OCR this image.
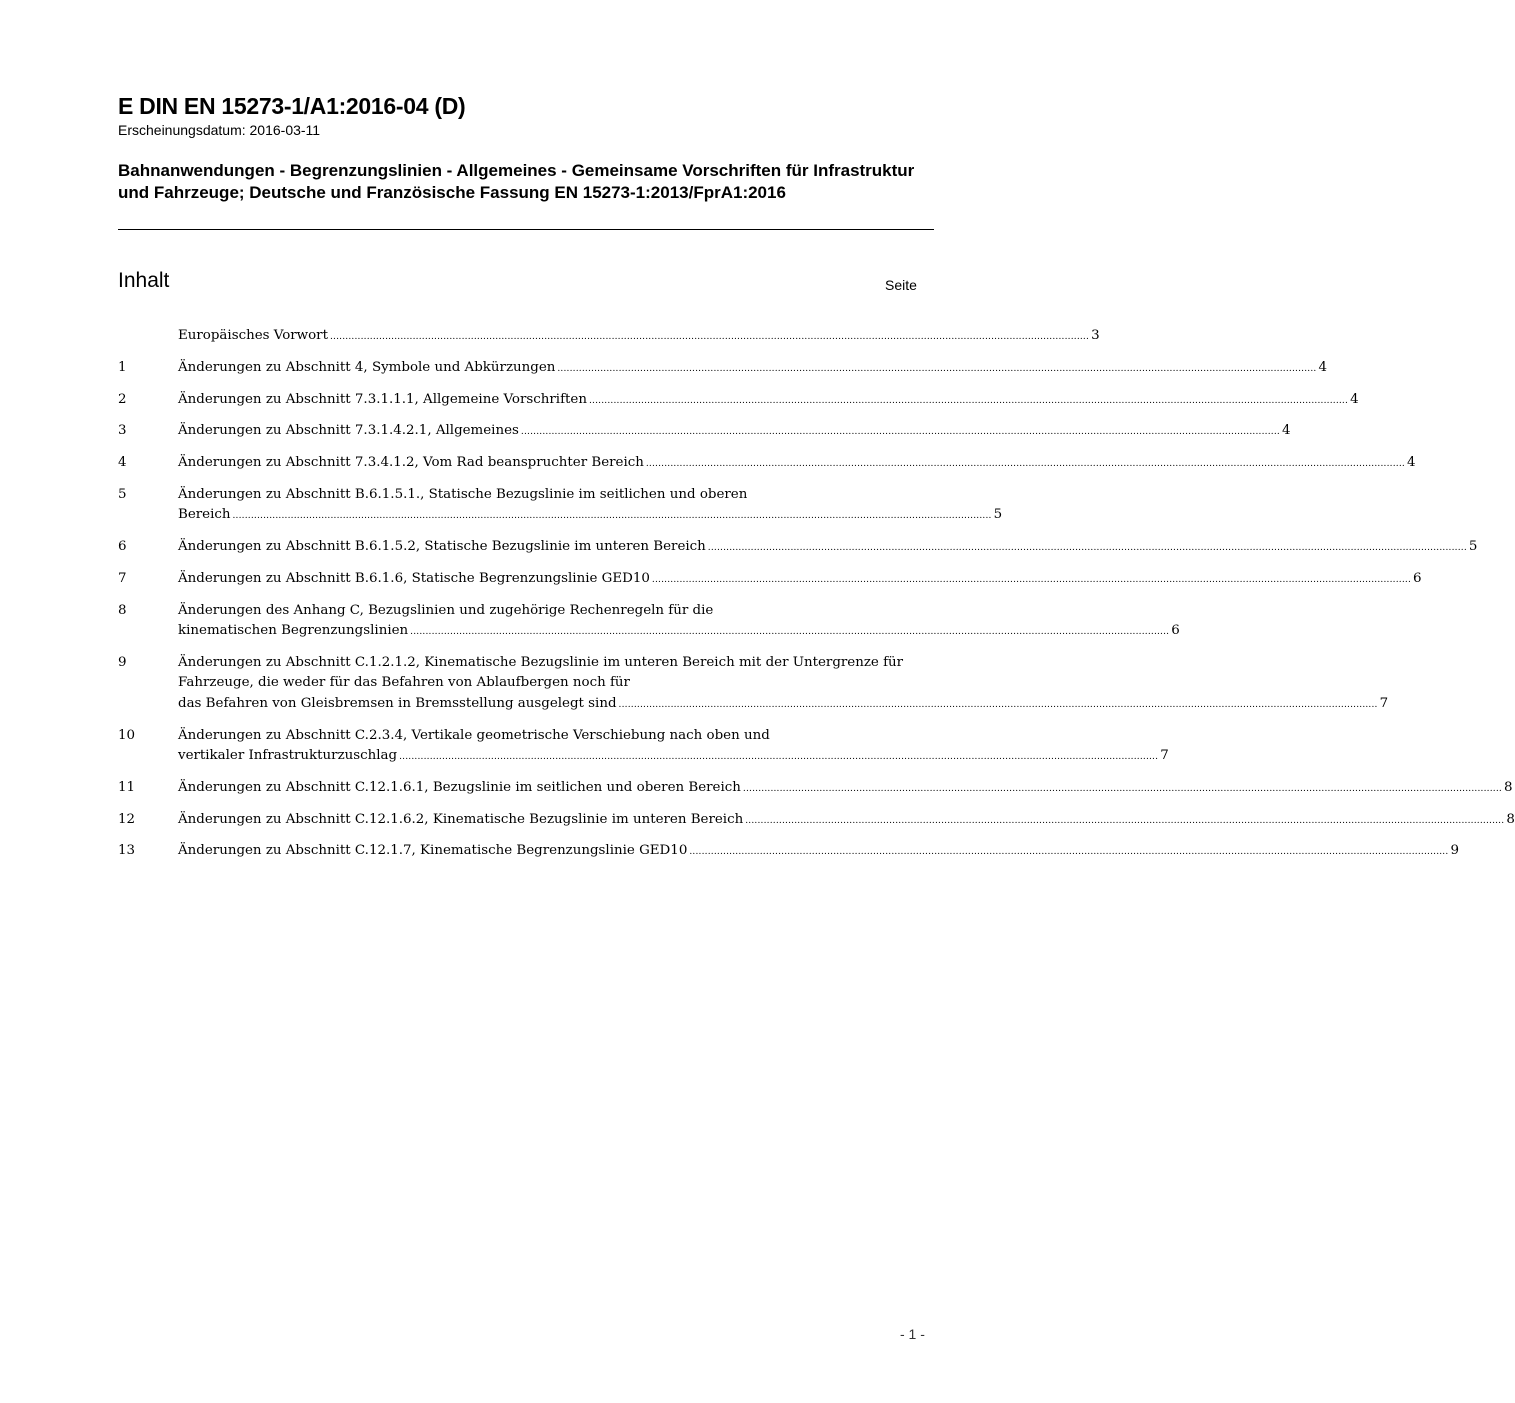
E DIN EN 15273-1/A1:2016-04 (D)
Erscheinungsdatum: 2016-03-11
Bahnanwendungen - Begrenzungslinien - Allgemeines - Gemeinsame Vorschriften für Infrastruktur und Fahrzeuge; Deutsche und Französische Fassung EN 15273-1:2013/FprA1:2016
Inhalt	Seite
Europäisches Vorwort .....	3
1	Änderungen zu Abschnitt 4, Symbole und Abkürzungen .....	4
2	Änderungen zu Abschnitt 7.3.1.1.1, Allgemeine Vorschriften .....	4
3	Änderungen zu Abschnitt 7.3.1.4.2.1, Allgemeines .....	4
4	Änderungen zu Abschnitt 7.3.4.1.2, Vom Rad beanspruchter Bereich .....	4
5	Änderungen zu Abschnitt B.6.1.5.1., Statische Bezugslinie im seitlichen und oberen
Bereich .....	5
6	Änderungen zu Abschnitt B.6.1.5.2, Statische Bezugslinie im unteren Bereich .....	5
7	Änderungen zu Abschnitt B.6.1.6, Statische Begrenzungslinie GED10 .....	6
8	Änderungen des Anhang C, Bezugslinien und zugehörige Rechenregeln für die
kinematischen Begrenzungslinien .....	6
9	Änderungen zu Abschnitt C.1.2.1.2, Kinematische Bezugslinie im unteren Bereich mit der Untergrenze für Fahrzeuge, die weder für das Befahren von Ablaufbergen noch für
das Befahren von Gleisbremsen in Bremsstellung ausgelegt sind .....	7
10	Änderungen zu Abschnitt C.2.3.4, Vertikale geometrische Verschiebung nach oben und
vertikaler Infrastrukturzuschlag .....	7
11	Änderungen zu Abschnitt C.12.1.6.1, Bezugslinie im seitlichen und oberen Bereich .....	8
12	Änderungen zu Abschnitt C.12.1.6.2, Kinematische Bezugslinie im unteren Bereich .....	8
13	Änderungen zu Abschnitt C.12.1.7, Kinematische Begrenzungslinie GED10 .....	9
- 1 -
